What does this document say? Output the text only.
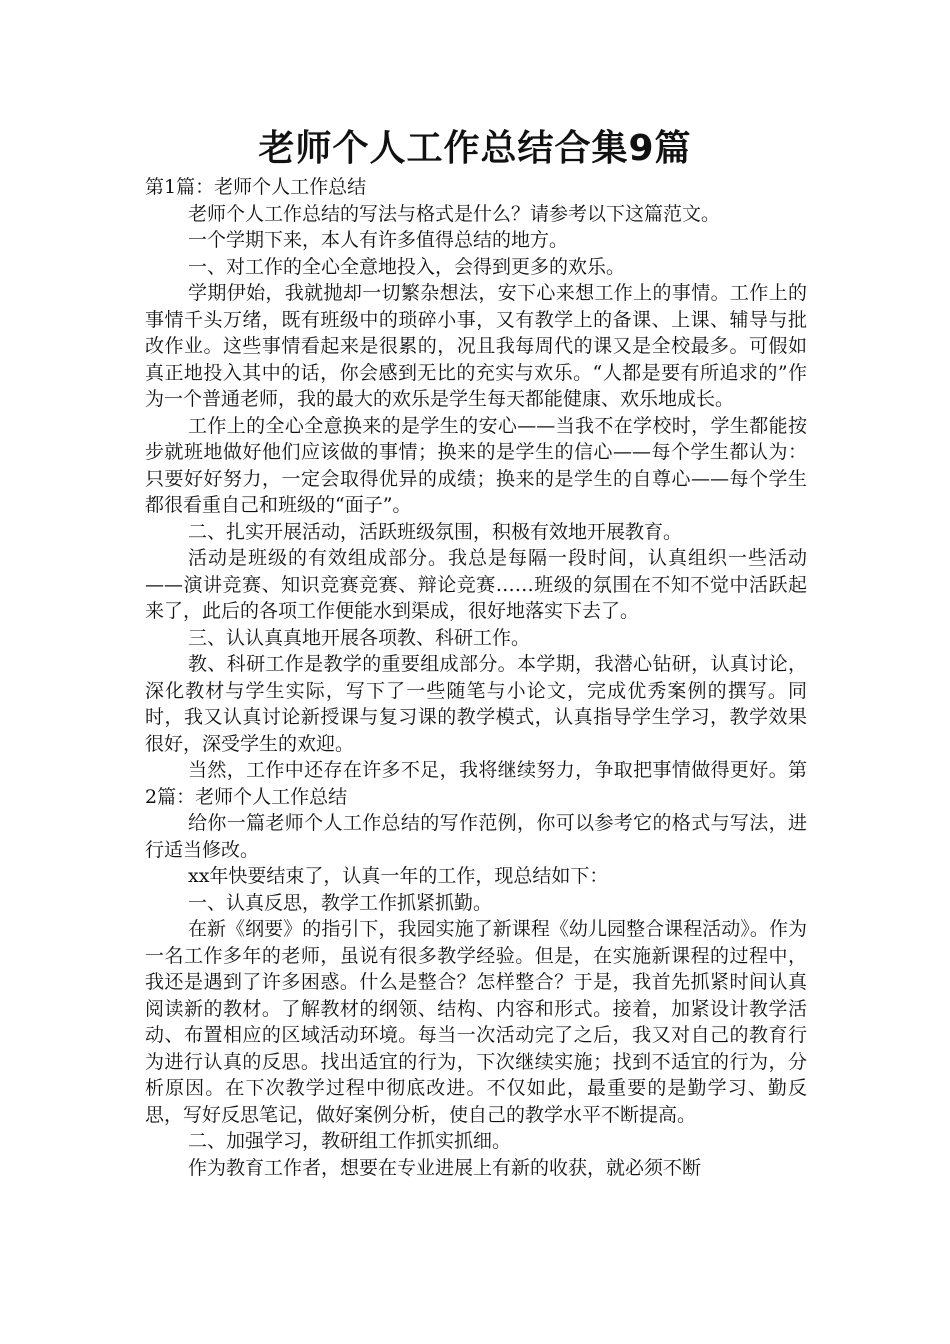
老师个人工作总结合集9篇

第1篇：老师个人工作总结

老师个人工作总结的写法与格式是什么？请参考以下这篇范文。

一个学期下来，本人有许多值得总结的地方。

一、对工作的全心全意地投入，会得到更多的欢乐。

学期伊始，我就抛却一切繁杂想法，安下心来想工作上的事情。工作上的事情千头万绪，既有班级中的琐碎小事，又有教学上的备课、上课、辅导与批改作业。这些事情看起来是很累的，况且我每周代的课又是全校最多。可假如真正地投入其中的话，你会感到无比的充实与欢乐。“人都是要有所追求的”作为一个普通老师，我的最大的欢乐是学生每天都能健康、欢乐地成长。

工作上的全心全意换来的是学生的安心——当我不在学校时，学生都能按步就班地做好他们应该做的事情；换来的是学生的信心——每个学生都认为：只要好好努力，一定会取得优异的成绩；换来的是学生的自尊心——每个学生都很看重自己和班级的“面子”。

二、扎实开展活动，活跃班级氛围，积极有效地开展教育。

活动是班级的有效组成部分。我总是每隔一段时间，认真组织一些活动——演讲竞赛、知识竞赛竞赛、辩论竞赛……班级的氛围在不知不觉中活跃起来了，此后的各项工作便能水到渠成，很好地落实下去了。

三、认认真真地开展各项教、科研工作。

教、科研工作是教学的重要组成部分。本学期，我潜心钻研，认真讨论，深化教材与学生实际，写下了一些随笔与小论文，完成优秀案例的撰写。同时，我又认真讨论新授课与复习课的教学模式，认真指导学生学习，教学效果很好，深受学生的欢迎。

当然，工作中还存在许多不足，我将继续努力，争取把事情做得更好。第2篇：老师个人工作总结

给你一篇老师个人工作总结的写作范例，你可以参考它的格式与写法，进行适当修改。

xx年快要结束了，认真一年的工作，现总结如下：

一、认真反思，教学工作抓紧抓勤。

在新《纲要》的指引下，我园实施了新课程《幼儿园整合课程活动》。作为一名工作多年的老师，虽说有很多教学经验。但是，在实施新课程的过程中，我还是遇到了许多困惑。什么是整合？怎样整合？于是，我首先抓紧时间认真阅读新的教材。了解教材的纲领、结构、内容和形式。接着，加紧设计教学活动、布置相应的区域活动环境。每当一次活动完了之后，我又对自己的教育行为进行认真的反思。找出适宜的行为，下次继续实施；找到不适宜的行为，分析原因。在下次教学过程中彻底改进。不仅如此，最重要的是勤学习、勤反思，写好反思笔记，做好案例分析，使自己的教学水平不断提高。

二、加强学习，教研组工作抓实抓细。

作为教育工作者，想要在专业进展上有新的收获，就必须不断
